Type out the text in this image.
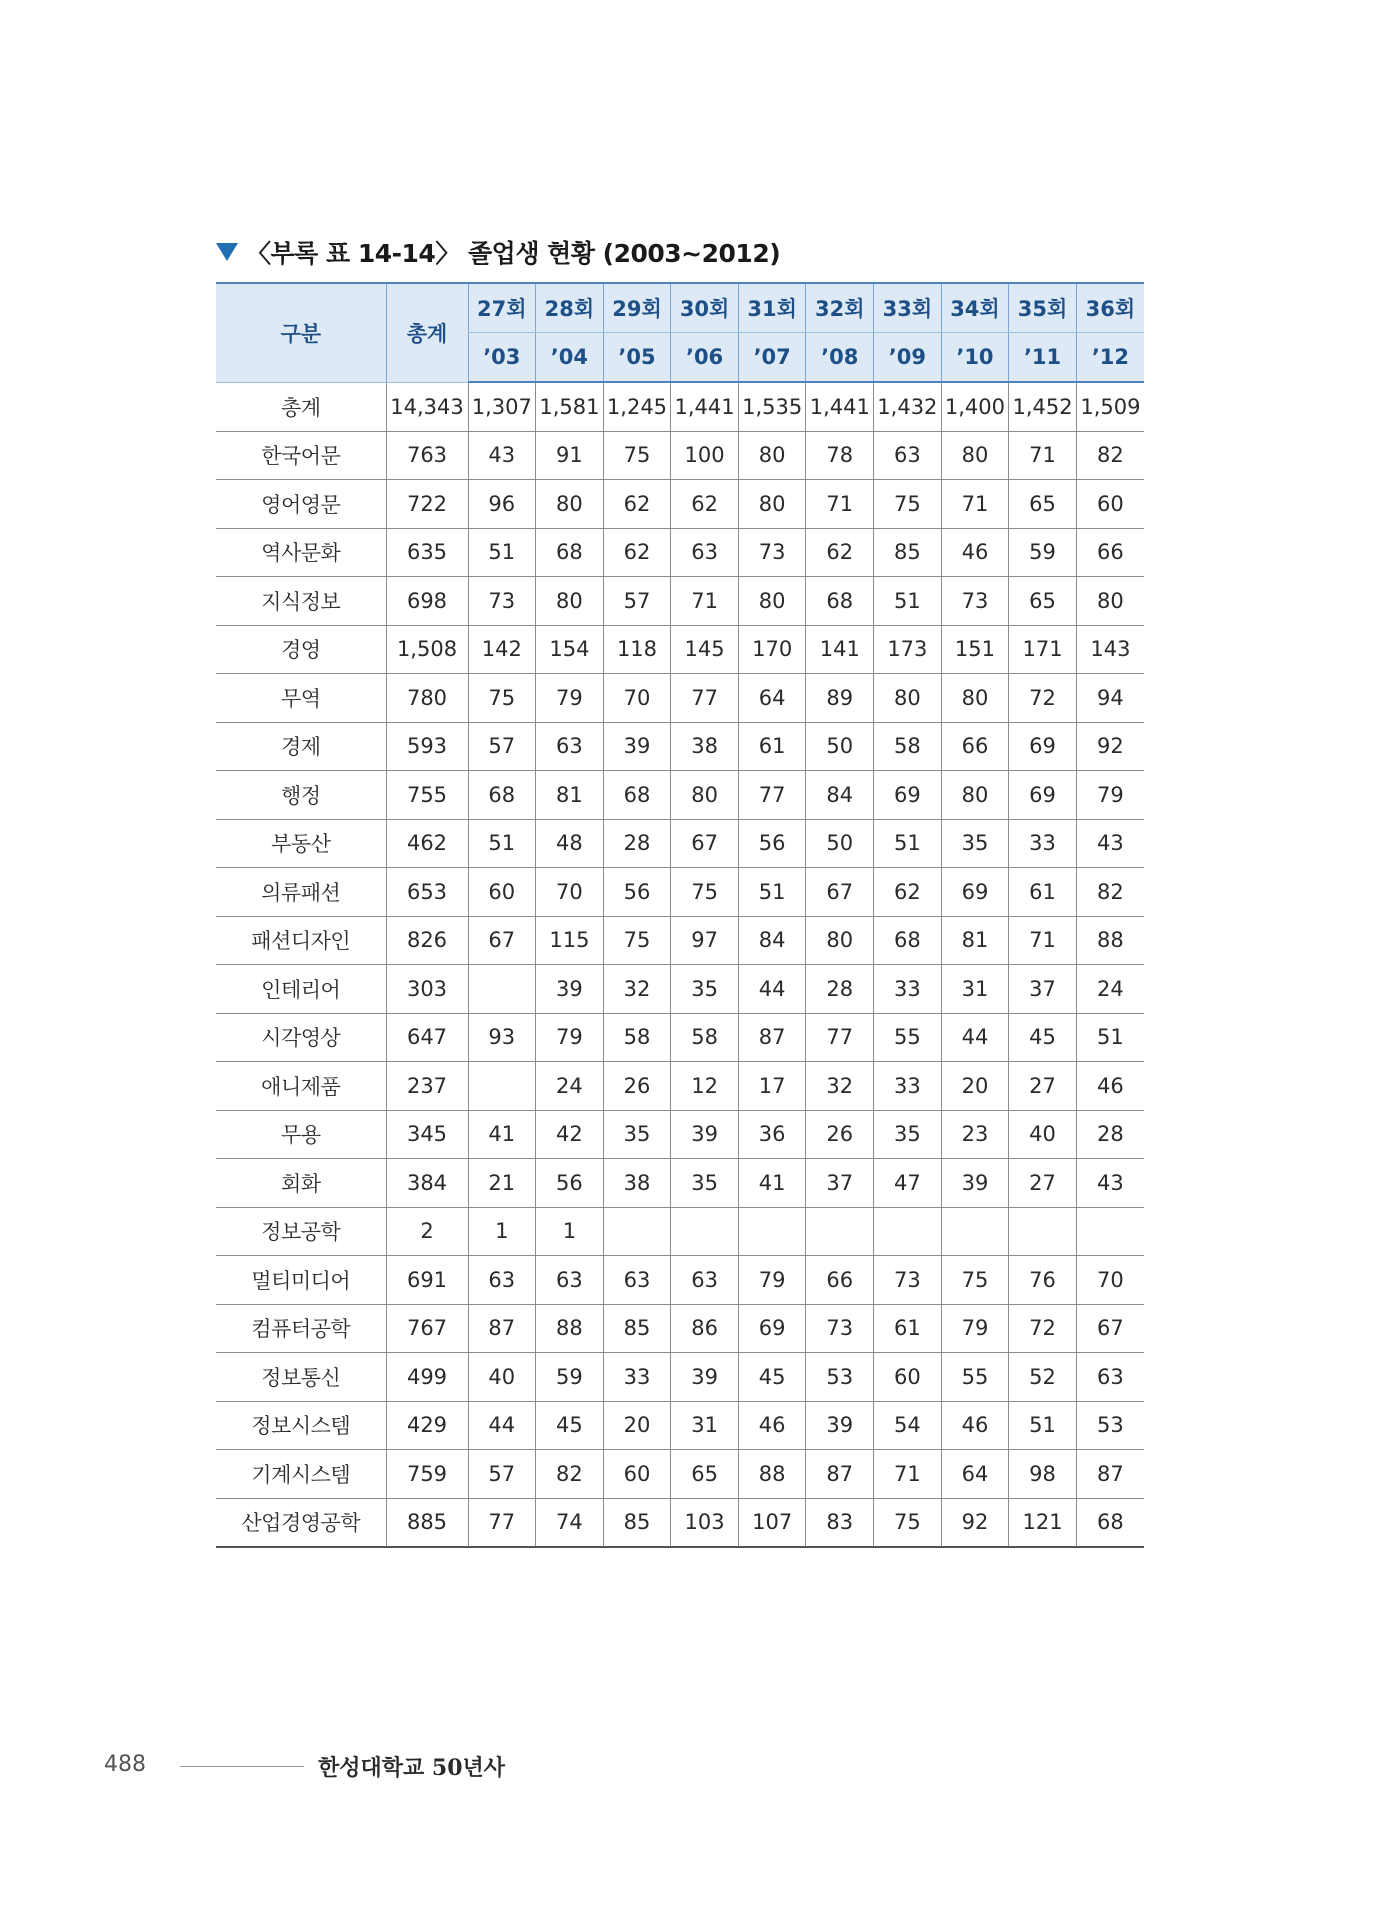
〈부록 표 14-14〉 졸업생 현황 (2003~2012)
구분	총계	27회	28회	29회	30회	31회	32회	33회	34회	35회	36회
		’03	’04	’05	’06	’07	’08	’09	’10	’11	’12
총계	14,343	1,307	1,581	1,245	1,441	1,535	1,441	1,432	1,400	1,452	1,509
한국어문	763	43	91	75	100	80	78	63	80	71	82
영어영문	722	96	80	62	62	80	71	75	71	65	60
역사문화	635	51	68	62	63	73	62	85	46	59	66
지식정보	698	73	80	57	71	80	68	51	73	65	80
경영	1,508	142	154	118	145	170	141	173	151	171	143
무역	780	75	79	70	77	64	89	80	80	72	94
경제	593	57	63	39	38	61	50	58	66	69	92
행정	755	68	81	68	80	77	84	69	80	69	79
부동산	462	51	48	28	67	56	50	51	35	33	43
의류패션	653	60	70	56	75	51	67	62	69	61	82
패션디자인	826	67	115	75	97	84	80	68	81	71	88
인테리어	303		39	32	35	44	28	33	31	37	24
시각영상	647	93	79	58	58	87	77	55	44	45	51
애니제품	237		24	26	12	17	32	33	20	27	46
무용	345	41	42	35	39	36	26	35	23	40	28
회화	384	21	56	38	35	41	37	47	39	27	43
정보공학	2	1	1								
멀티미디어	691	63	63	63	63	79	66	73	75	76	70
컴퓨터공학	767	87	88	85	86	69	73	61	79	72	67
정보통신	499	40	59	33	39	45	53	60	55	52	63
정보시스템	429	44	45	20	31	46	39	54	46	51	53
기계시스템	759	57	82	60	65	88	87	71	64	98	87
산업경영공학	885	77	74	85	103	107	83	75	92	121	68
488	한성대학교 50년사
